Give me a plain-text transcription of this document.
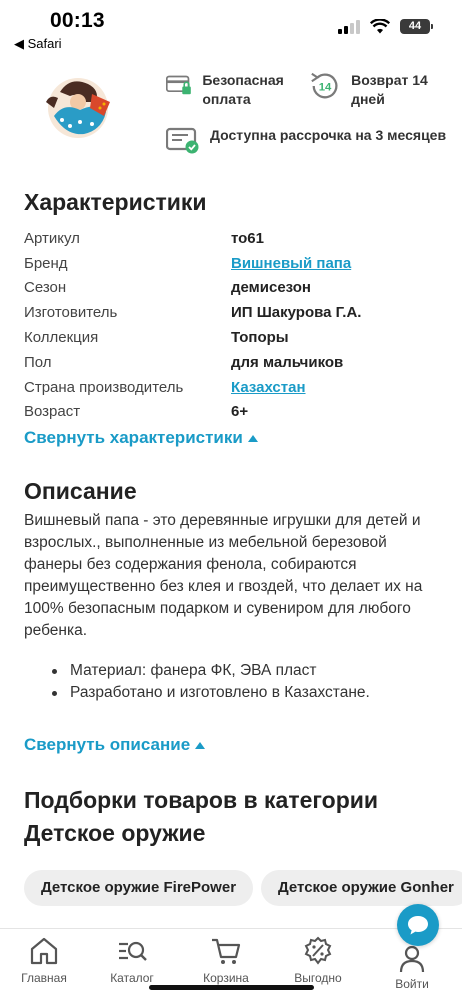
00:13
◀ Safari
44
Безопасная оплата
14 Возврат 14 дней
Доступна рассрочка на 3 месяцев
Характеристики
Артикул	то61
Бренд	Вишневый папа
Сезон	демисезон
Изготовитель	ИП Шакурова Г.А.
Коллекция	Топоры
Пол	для мальчиков
Страна производитель	Казахстан
Возраст	6+
Свернуть характеристики
Описание

Вишневый папа - это деревянные игрушки для детей и взрослых., выполненные из мебельной березовой фанеры без содержания фенола, собираются преимущественно без клея и гвоздей, что делает их на 100% безопасным подарком и сувениром для любого ребенка.

Материал: фанера ФК, ЭВА пласт
Разработано и изготовлено в Казахстане.
Свернуть описание
Подборки товаров в категории Детское оружие
Детское оружие FirePower	Детское оружие Gonher
Главная	Каталог	Корзина	Выгодно	Войти
